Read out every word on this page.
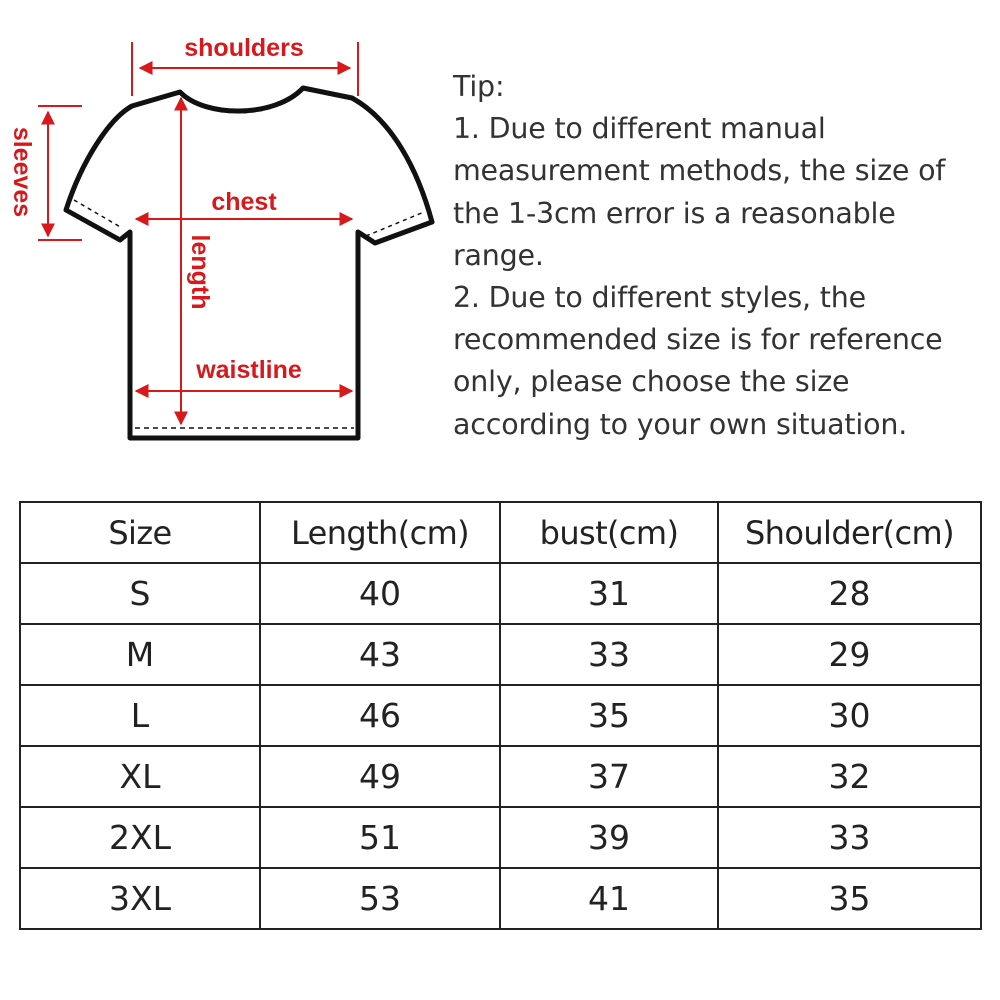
shoulders
sleeves	chest
length
waistline
Tip:
1. Due to different manual
measurement methods, the size of
the 1-3cm error is a reasonable
range.
2. Due to different styles, the
recommended size is for reference
only, please choose the size
according to your own situation.
Size	Length(cm)	bust(cm)	Shoulder(cm)
S	40	31	28
M	43	33	29
L	46	35	30
XL	49	37	32
2XL	51	39	33
3XL	53	41	35
